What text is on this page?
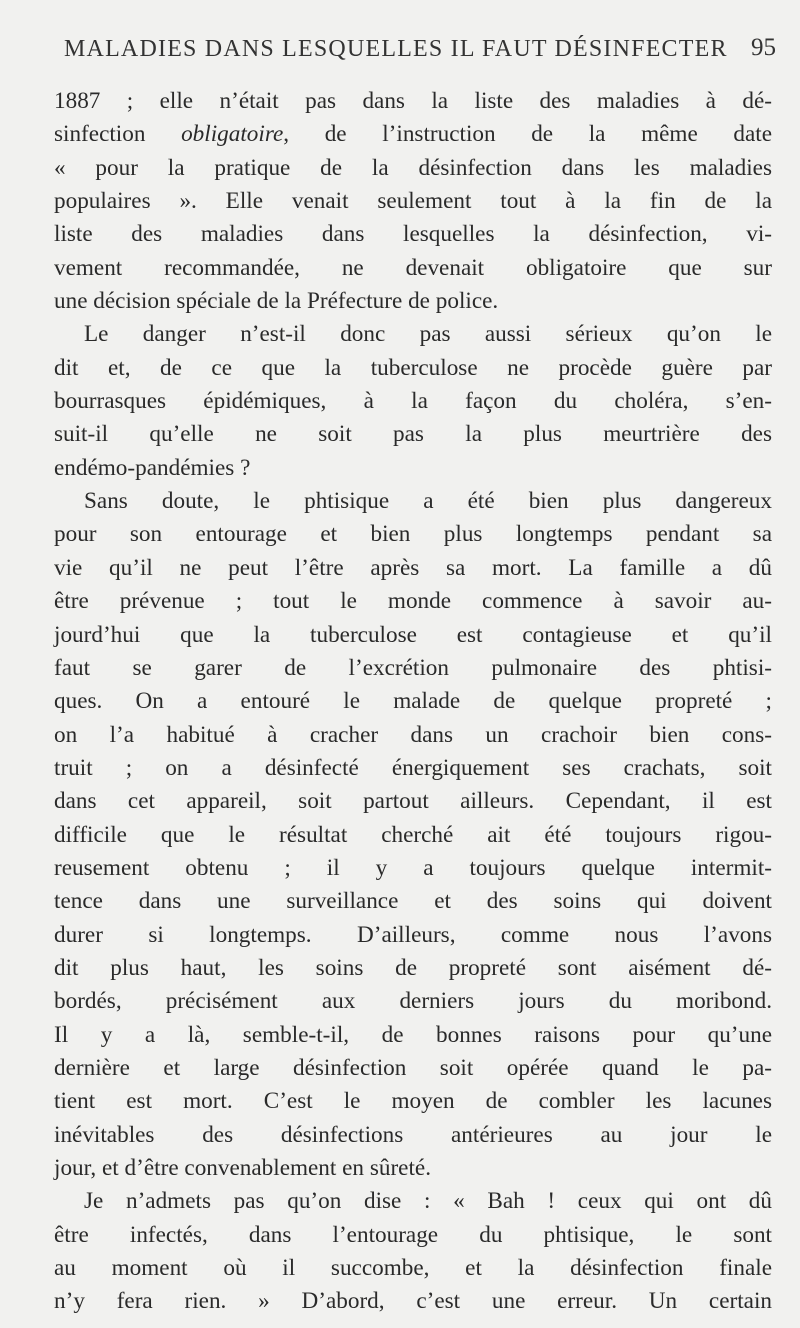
MALADIES DANS LESQUELLES IL FAUT DÉSINFECTER 95
1887 ; elle n’était pas dans la liste des maladies à dé-
sinfection obligatoire, de l’instruction de la même date
« pour la pratique de la désinfection dans les maladies
populaires ». Elle venait seulement tout à la fin de la
liste des maladies dans lesquelles la désinfection, vi-
vement recommandée, ne devenait obligatoire que sur
une décision spéciale de la Préfecture de police.
Le danger n’est-il donc pas aussi sérieux qu’on le
dit et, de ce que la tuberculose ne procède guère par
bourrasques épidémiques, à la façon du choléra, s’en-
suit-il qu’elle ne soit pas la plus meurtrière des
endémo-pandémies ?
Sans doute, le phtisique a été bien plus dangereux
pour son entourage et bien plus longtemps pendant sa
vie qu’il ne peut l’être après sa mort. La famille a dû
être prévenue ; tout le monde commence à savoir au-
jourd’hui que la tuberculose est contagieuse et qu’il
faut se garer de l’excrétion pulmonaire des phtisi-
ques. On a entouré le malade de quelque propreté ;
on l’a habitué à cracher dans un crachoir bien cons-
truit ; on a désinfecté énergiquement ses crachats, soit
dans cet appareil, soit partout ailleurs. Cependant, il est
difficile que le résultat cherché ait été toujours rigou-
reusement obtenu ; il y a toujours quelque intermit-
tence dans une surveillance et des soins qui doivent
durer si longtemps. D’ailleurs, comme nous l’avons
dit plus haut, les soins de propreté sont aisément dé-
bordés, précisément aux derniers jours du moribond.
Il y a là, semble-t-il, de bonnes raisons pour qu’une
dernière et large désinfection soit opérée quand le pa-
tient est mort. C’est le moyen de combler les lacunes
inévitables des désinfections antérieures au jour le
jour, et d’être convenablement en sûreté.
Je n’admets pas qu’on dise : « Bah ! ceux qui ont dû
être infectés, dans l’entourage du phtisique, le sont
au moment où il succombe, et la désinfection finale
n’y fera rien. » D’abord, c’est une erreur. Un certain
